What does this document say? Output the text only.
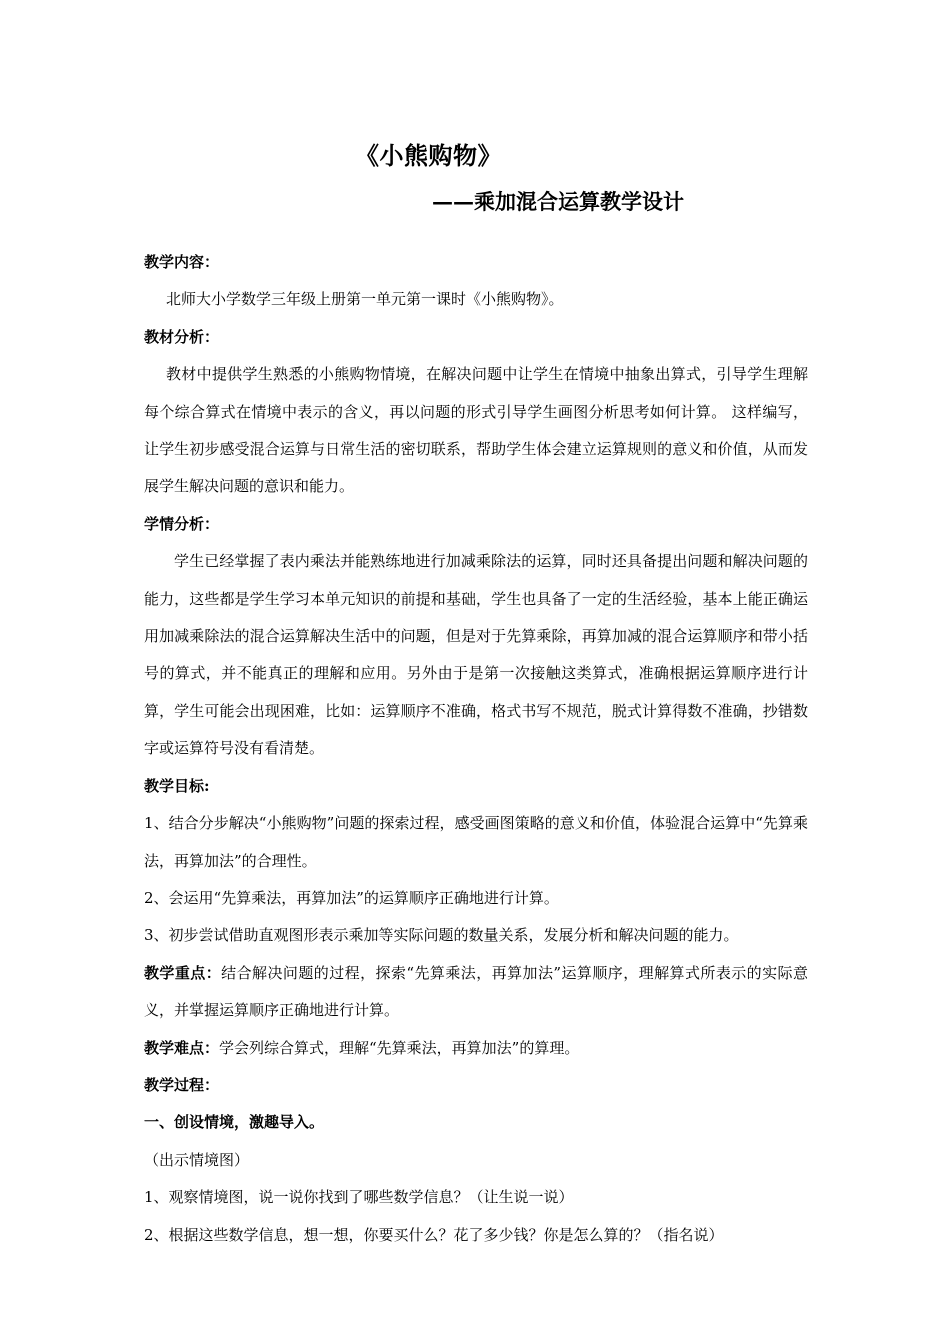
《小熊购物》
——乘加混合运算教学设计

教学内容：

北师大小学数学三年级上册第一单元第一课时《小熊购物》。

教材分析：

教材中提供学生熟悉的小熊购物情境，在解决问题中让学生在情境中抽象出算式，引导学生理解每个综合算式在情境中表示的含义，再以问题的形式引导学生画图分析思考如何计算。 这样编写，让学生初步感受混合运算与日常生活的密切联系，帮助学生体会建立运算规则的意义和价值，从而发展学生解决问题的意识和能力。

学情分析：

学生已经掌握了表内乘法并能熟练地进行加减乘除法的运算，同时还具备提出问题和解决问题的能力，这些都是学生学习本单元知识的前提和基础，学生也具备了一定的生活经验，基本上能正确运用加减乘除法的混合运算解决生活中的问题，但是对于先算乘除，再算加减的混合运算顺序和带小括号的算式，并不能真正的理解和应用。另外由于是第一次接触这类算式，准确根据运算顺序进行计算，学生可能会出现困难，比如：运算顺序不准确，格式书写不规范，脱式计算得数不准确，抄错数字或运算符号没有看清楚。

教学目标:

1、结合分步解决“小熊购物”问题的探索过程，感受画图策略的意义和价值，体验混合运算中“先算乘法，再算加法”的合理性。

2、会运用“先算乘法，再算加法”的运算顺序正确地进行计算。

3、初步尝试借助直观图形表示乘加等实际问题的数量关系，发展分析和解决问题的能力。

教学重点：结合解决问题的过程，探索“先算乘法，再算加法”运算顺序，理解算式所表示的实际意义，并掌握运算顺序正确地进行计算。

教学难点：学会列综合算式，理解“先算乘法，再算加法”的算理。

教学过程：

一、创设情境，激趣导入。

（出示情境图）

1、观察情境图，说一说你找到了哪些数学信息？（让生说一说）

2、根据这些数学信息，想一想，你要买什么？花了多少钱？你是怎么算的？（指名说）
